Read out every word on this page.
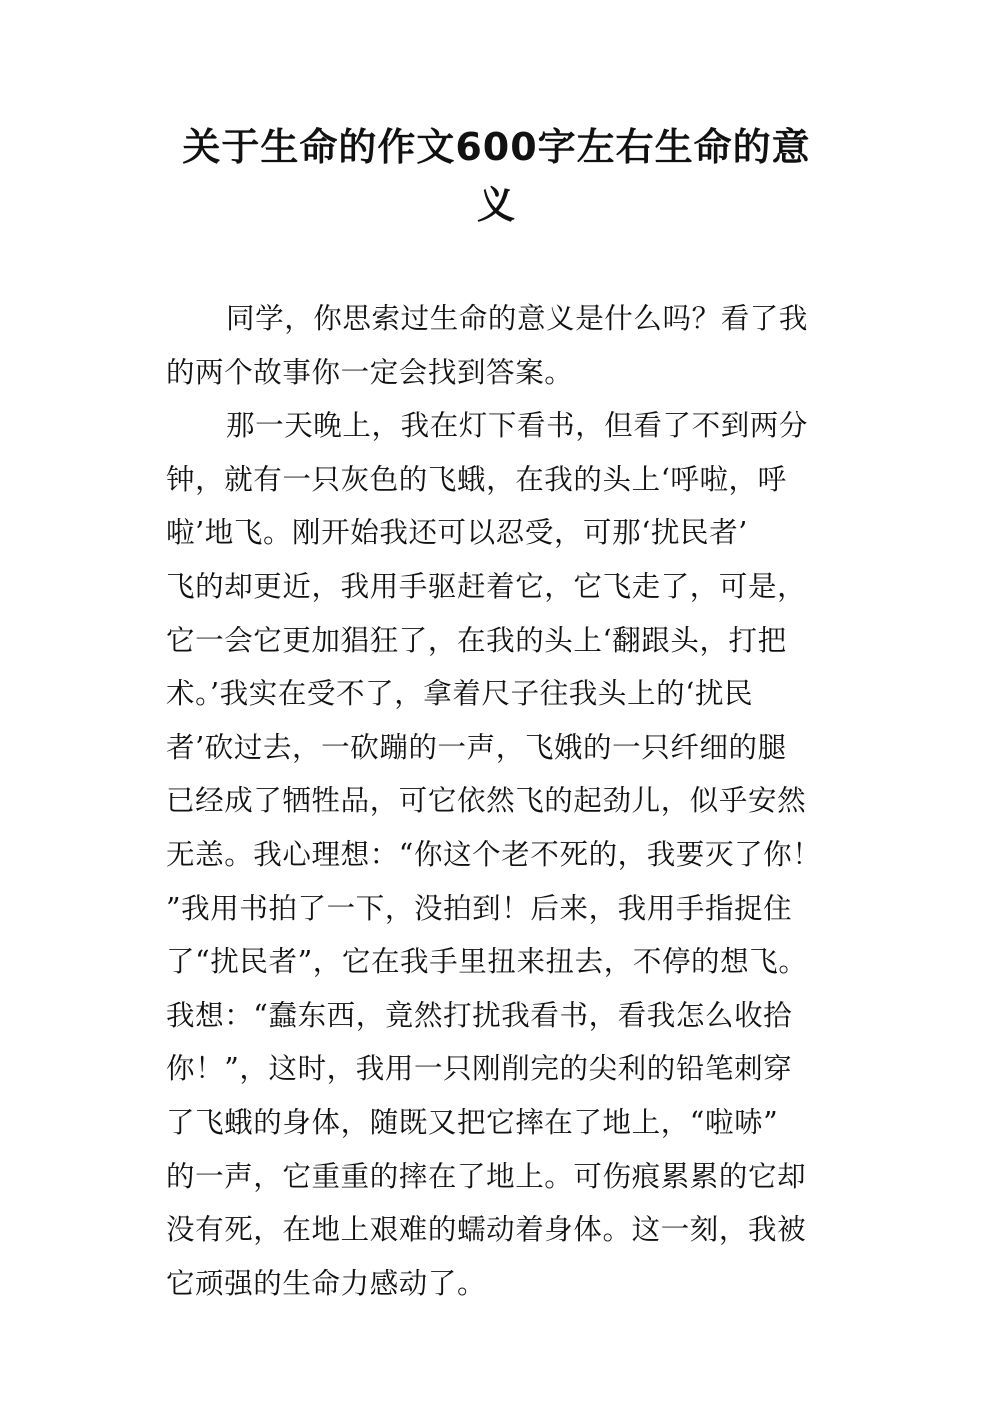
关于生命的作文600字左右生命的意
义
同学，你思索过生命的意义是什么吗？看了我
的两个故事你一定会找到答案。
那一天晚上，我在灯下看书，但看了不到两分
钟，就有一只灰色的飞蛾，在我的头上‘呼啦，呼
啦’地飞。刚开始我还可以忍受，可那‘扰民者’
飞的却更近，我用手驱赶着它，它飞走了，可是，
它一会它更加猖狂了，在我的头上‘翻跟头，打把
术。’我实在受不了，拿着尺子往我头上的‘扰民
者’砍过去，一砍蹦的一声，飞娥的一只纤细的腿
已经成了牺牲品，可它依然飞的起劲儿，似乎安然
无恙。我心理想：“你这个老不死的，我要灭了你！
”我用书拍了一下，没拍到！后来，我用手指捉住
了“扰民者”，它在我手里扭来扭去，不停的想飞。
我想：“蠢东西，竟然打扰我看书，看我怎么收拾
你！”，这时，我用一只刚削完的尖利的铅笔刺穿
了飞蛾的身体，随既又把它摔在了地上，“啦哧”
的一声，它重重的摔在了地上。可伤痕累累的它却
没有死，在地上艰难的蠕动着身体。这一刻，我被
它顽强的生命力感动了。
